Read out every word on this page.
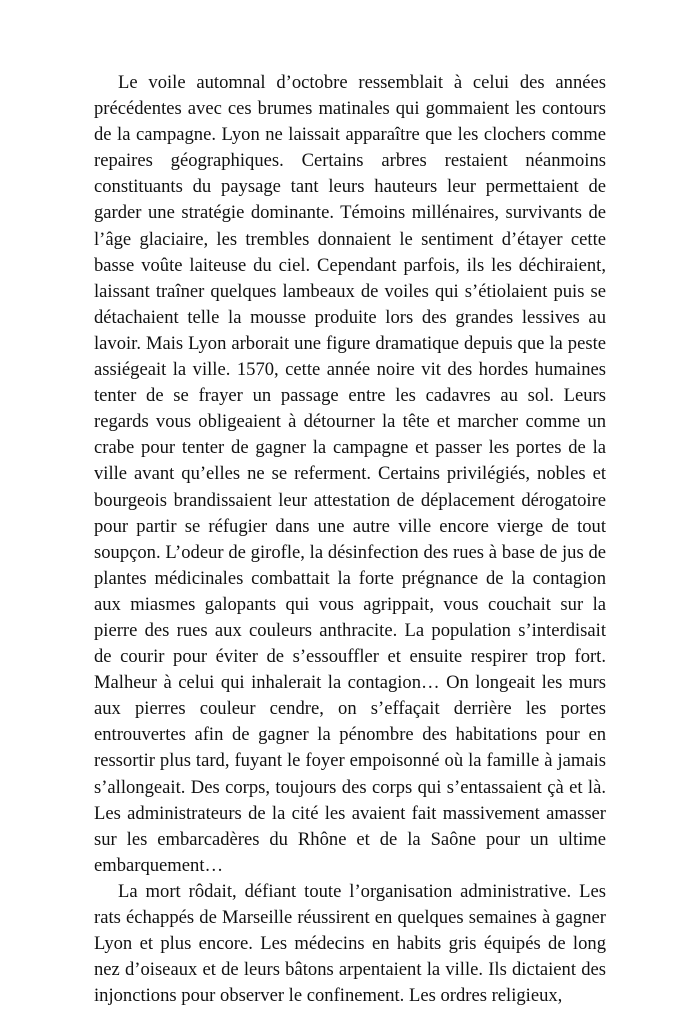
Le voile automnal d’octobre ressemblait à celui des années précédentes avec ces brumes matinales qui gommaient les contours de la campagne. Lyon ne laissait apparaître que les clochers comme repaires géographiques. Certains arbres restaient néanmoins constituants du paysage tant leurs hauteurs leur permettaient de garder une stratégie dominante. Témoins millénaires, survivants de l’âge glaciaire, les trembles donnaient le sentiment d’étayer cette basse voûte laiteuse du ciel. Cependant parfois, ils les déchiraient, laissant traîner quelques lambeaux de voiles qui s’étiolaient puis se détachaient telle la mousse produite lors des grandes lessives au lavoir. Mais Lyon arborait une figure dramatique depuis que la peste assiégeait la ville. 1570, cette année noire vit des hordes humaines tenter de se frayer un passage entre les cadavres au sol. Leurs regards vous obligeaient à détourner la tête et marcher comme un crabe pour tenter de gagner la campagne et passer les portes de la ville avant qu’elles ne se referment. Certains privilégiés, nobles et bourgeois brandissaient leur attestation de déplacement dérogatoire pour partir se réfugier dans une autre ville encore vierge de tout soupçon. L’odeur de girofle, la désinfection des rues à base de jus de plantes médicinales combattait la forte prégnance de la contagion aux miasmes galopants qui vous agrippait, vous couchait sur la pierre des rues aux couleurs anthracite. La population s’interdisait de courir pour éviter de s’essouffler et ensuite respirer trop fort. Malheur à celui qui inhalerait la contagion… On longeait les murs aux pierres couleur cendre, on s’effaçait derrière les portes entrouvertes afin de gagner la pénombre des habitations pour en ressortir plus tard, fuyant le foyer empoisonné où la famille à jamais s’allongeait. Des corps, toujours des corps qui s’entassaient çà et là. Les administrateurs de la cité les avaient fait massivement amasser sur les embarcadères du Rhône et de la Saône pour un ultime embarquement…

La mort rôdait, défiant toute l’organisation administrative. Les rats échappés de Marseille réussirent en quelques semaines à gagner Lyon et plus encore. Les médecins en habits gris équipés de long nez d’oiseaux et de leurs bâtons arpentaient la ville. Ils dictaient des injonctions pour observer le confinement. Les ordres religieux,
